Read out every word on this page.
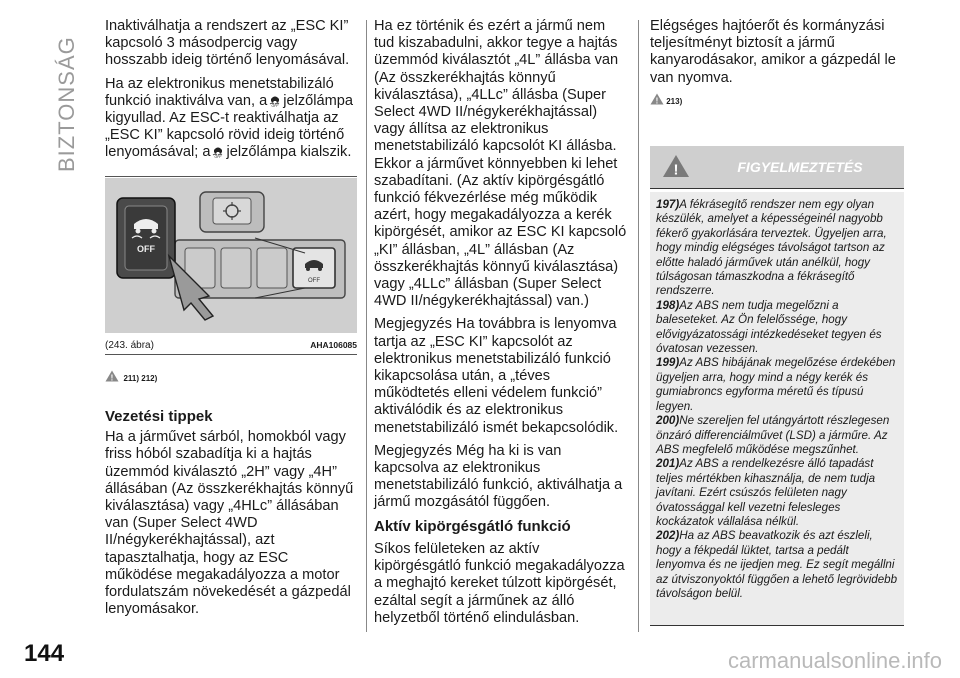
BIZTONSÁG

Inaktiválhatja a rendszert az „ESC KI” kapcsoló 3 másodpercig vagy hosszabb ideig történő lenyomásával.

Ha az elektronikus menetstabilizáló funkció inaktiválva van, a OFF jelzőlámpa kigyullad. Az ESC-t reaktiválhatja az „ESC KI” kapcsoló rövid ideig történő lenyomásával; a OFF jelzőlámpa kialszik.

OFF
OFF
(243. ábra)	AHA106085
! 211) 212)

Vezetési tippek

Ha a járművet sárból, homokból vagy friss hóból szabadítja ki a hajtás üzemmód kiválasztó „2H” vagy „4H” állásában (Az összkerékhajtás könnyű kiválasztása) vagy „4HLc” állásában van (Super Select 4WD II/négykerékhajtással), azt tapasztalhatja, hogy az ESC működése megakadályozza a motor fordulatszám növekedését a gázpedál lenyomásakor.

Ha ez történik és ezért a jármű nem tud kiszabadulni, akkor tegye a hajtás üzemmód kiválasztót „4L” állásba van (Az összkerékhajtás könnyű kiválasztása), „4LLc” állásba (Super Select 4WD II/négykerékhajtással) vagy állítsa az elektronikus menetstabilizáló kapcsolót KI állásba. Ekkor a járművet könnyebben ki lehet szabadítani. (Az aktív kipörgésgátló funkció fékvezérlése még működik azért, hogy megakadályozza a kerék kipörgését, amikor az ESC KI kapcsoló „KI” állásban, „4L” állásban (Az összkerékhajtás könnyű kiválasztása) vagy „4LLc” állásban (Super Select 4WD II/négykerékhajtással) van.)

Megjegyzés Ha továbbra is lenyomva tartja az „ESC KI” kapcsolót az elektronikus menetstabilizáló funkció kikapcsolása után, a „téves működtetés elleni védelem funkció” aktiválódik és az elektronikus menetstabilizáló ismét bekapcsolódik.

Megjegyzés Még ha ki is van kapcsolva az elektronikus menetstabilizáló funkció, aktiválhatja a jármű mozgásától függően.

Aktív kipörgésgátló funkció

Síkos felületeken az aktív kipörgésgátló funkció megakadályozza a meghajtó kereket túlzott kipörgését, ezáltal segít a járműnek az álló helyzetből történő elindulásban.

Elégséges hajtóerőt és kormányzási teljesítményt biztosít a jármű kanyarodásakor, amikor a gázpedál le van nyomva.

! 213)

!	FIGYELMEZTETÉS

197)A fékrásegítő rendszer nem egy olyan készülék, amelyet a képességeinél nagyobb fékerő gyakorlására terveztek. Ügyeljen arra, hogy mindig elégséges távolságot tartson az előtte haladó járművek után anélkül, hogy túlságosan támaszkodna a fékrásegítő rendszerre.

198)Az ABS nem tudja megelőzni a baleseteket. Az Ön felelőssége, hogy elővigyázatossági intézkedéseket tegyen és óvatosan vezessen.

199)Az ABS hibájának megelőzése érdekében ügyeljen arra, hogy mind a négy kerék és gumiabroncs egyforma méretű és típusú legyen.

200)Ne szereljen fel utángyártott részlegesen önzáró differenciálművet (LSD) a járműre. Az ABS megfelelő működése megszűnhet.

201)Az ABS a rendelkezésre álló tapadást teljes mértékben kihasználja, de nem tudja javítani. Ezért csúszós felületen nagy óvatossággal kell vezetni felesleges kockázatok vállalása nélkül.

202)Ha az ABS beavatkozik és azt észleli, hogy a fékpedál lüktet, tartsa a pedált lenyomva és ne ijedjen meg. Ez segít megállni az útviszonyoktól függően a lehető legrövidebb távolságon belül.

144	carmanualsonline.info
